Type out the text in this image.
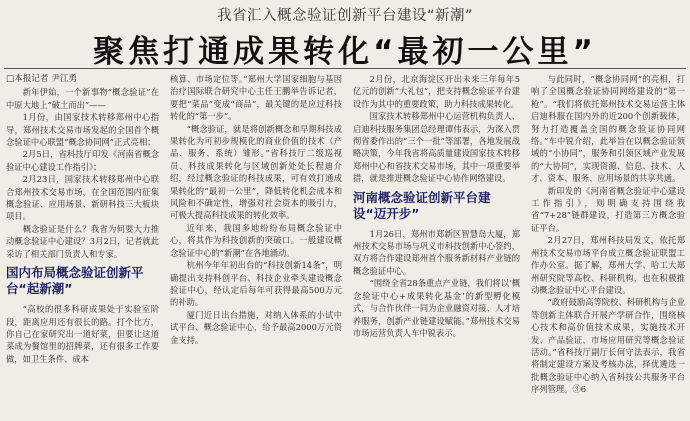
我省汇入概念验证创新平台建设“新潮”
聚焦打通成果转化“最初一公里”
□本报记者 尹江勇

新年伊始，一个新事物“概念验证”在中原大地上“破土而出”——

1月份，由国家技术转移郑州中心指导，郑州技术交易市场发起的全国首个概念验证中心联盟“概念协同网”正式亮相；

2月5日，省科技厅印发《河南省概念验证中心建设工作指引》；

2月23日，国家技术转移郑州中心联合郑州技术交易市场，在全国范围内征集概念验证、应用场景、新研科技三大板块项目。

概念验证是什么？我省为何要大力推动概念验证中心建设？3月2日，记者就此采访了相关部门负责人和专家。

国内布局概念验证创新平台“起新潮”

“高校的很多科研成果处于实验室阶段，距离应用还有很长的路。打个比方，你自己在家研究出一道好菜，但要让这道菜成为餐馆里的招牌菜，还有很多工作要做，如卫生条件、成本

核算、市场定位等。”郑州大学国家细胞与基因治疗国际联合研究中心主任王鹏举告诉记者，要把“菜品”变成“商品”，最关键的是应过科技转化的“第一步”。

“概念验证，就是将创新概念和早期科技成果转化为可初步规模化的商业价值的技术（产品、服务、系统）雏形。”省科技厅二级巡视员、科技成果转化与区域创新处处长程迪介绍，经过概念验证的科技成果，可有效打通成果转化的“最初一公里”，降低转化机会成本和风险和不确定性，增强对社会资本的吸引力，可极大提高科技成果的转化效率。

近年来，我国多地纷纷布局概念验证中心，将其作为科技创新的突破口。一般建设概念验证中心的“新潮”在各地涌动。

杭州今年年初出台的“科技创新14条”，明确提出支持科创平台、科技企业牵头建设概念验证中心，经认定后每年可获得最高500万元的补助。

厦门近日出台措施，对纳入体系的小试中试平台、概念验证中心，给予最高2000万元资金支持。

2月份，北京海淀区开出未来三年每年5亿元的创新“大礼包”，把支持概念验证平台建设作为其中的重要政策，助力科技成果转化。

国家技术转移郑州中心运营机构负责人、启迪科技服务集团总经理谭伟表示，为深入贯彻省委作出的“三个一批”等部署，各地发展战略决策，今年我省将高质量建设国家技术转移郑州中心和省技术交易市场，其中一项重要举措，就是推进概念验证中心协作网络建设。

河南概念验证创新平台建设“迈开步”

1月26日，郑州市郑新区智慧岛大厦，郑州技术交易市场与巩义市科技创新中心签约，双方将合作建设郑州首个服务新材料产业链的概念验证中心。

“围绕全省28条重点产业链，我们将以‘概念验证中心+成果转化基金’的新型孵化模式，与合作伙伴一同为企业融资对接、人才培养服务，创新产业链建设赋能。”郑州技术交易市场运营负责人车中锐表示。

与此同时，“概念协同网”的亮相，打响了全国概念验证协同网络建设的“第一枪”。“我们将依托郑州技术交易运营主体启迪科服在国内外的近200个创新载体，努力打造覆盖全国的概念验证协同网络。”车中锐介绍，此举旨在以概念验证领域的“小协同”，服务和引领区域产业发展的“大协同”，实现资源、信息、技术、人才、资本、服务、应用场景的共享共通。

新印发的《河南省概念验证中心建设工作指引》，则明确支持围绕我省“7+28”链群建设，打造第三方概念验证平台。

2月27日，郑州科技局发文，依托郑州技术交易市场平台成立概念验证联盟工作办公室。据了解，郑州大学、哈工大郑州研究院等高校、科研机构，也在积极推动概念验证中心平台建设。

“政府鼓励高等院校、科研机构与企业等创新主体联合开展产学研合作，围绕核心技术和高价值技术成果，实施技术开发、产品验证、市场应用研究等概念验证活动。”省科技厅副厅长何守法表示，我省将制定建设方案及考核办法，择优遴选一批概念验证中心纳入省科技公共服务平台序列管理。③6
